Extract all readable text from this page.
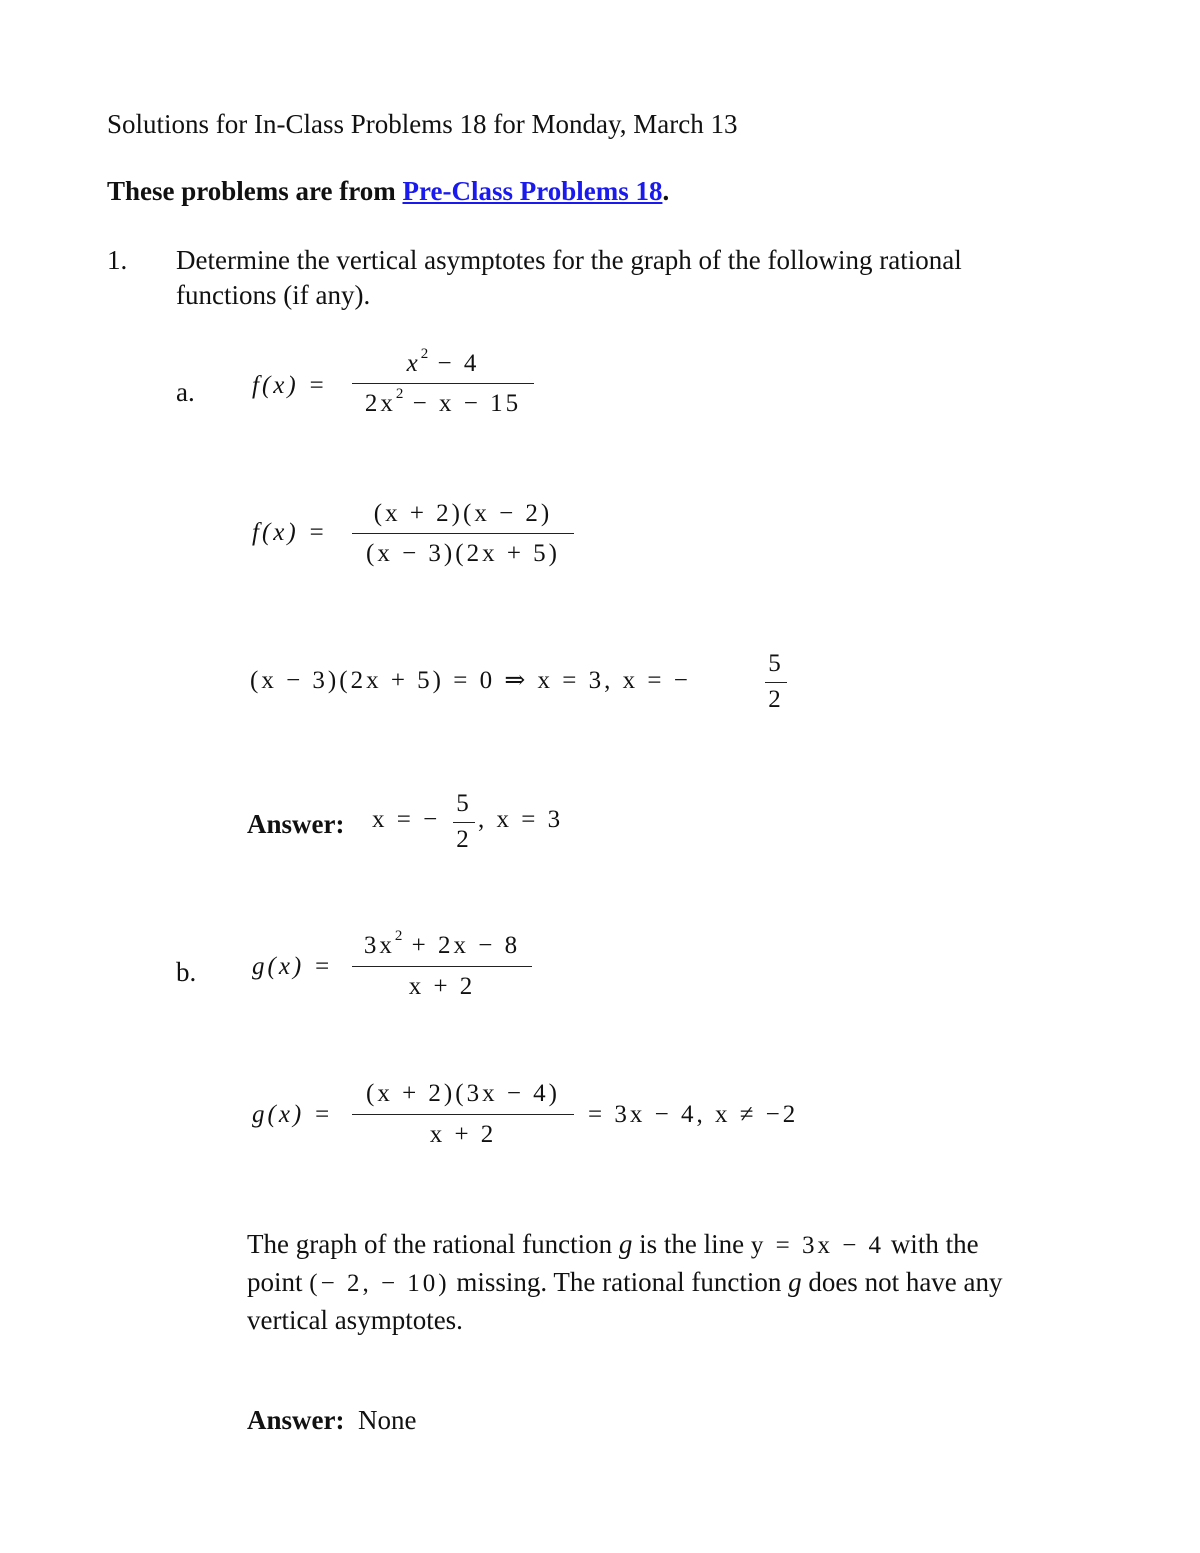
Solutions for In-Class Problems 18 for Monday, March 13
These problems are from Pre-Class Problems 18.
1. Determine the vertical asymptotes for the graph of the following rational
functions (if any).
a. f(x) =
$x^2 - 4$
$2x^2 - x - 15$
f(x) =
(x + 2)(x − 2)
(x − 3)(2x + 5)
(x − 3)(2x + 5) = 0 ⇒ x = 3, x = −
5
2
Answer: x = −
5
2
, x = 3
b. g(x) =
$3x^2 + 2x - 8$
x + 2
g(x) =
(x + 2)(3x − 4)
x + 2
= 3x − 4, x ≠ −2
The graph of the rational function g is the line y = 3x − 4 with the
point (− 2, − 10) missing. The rational function g does not have any
vertical asymptotes.
Answer: None
